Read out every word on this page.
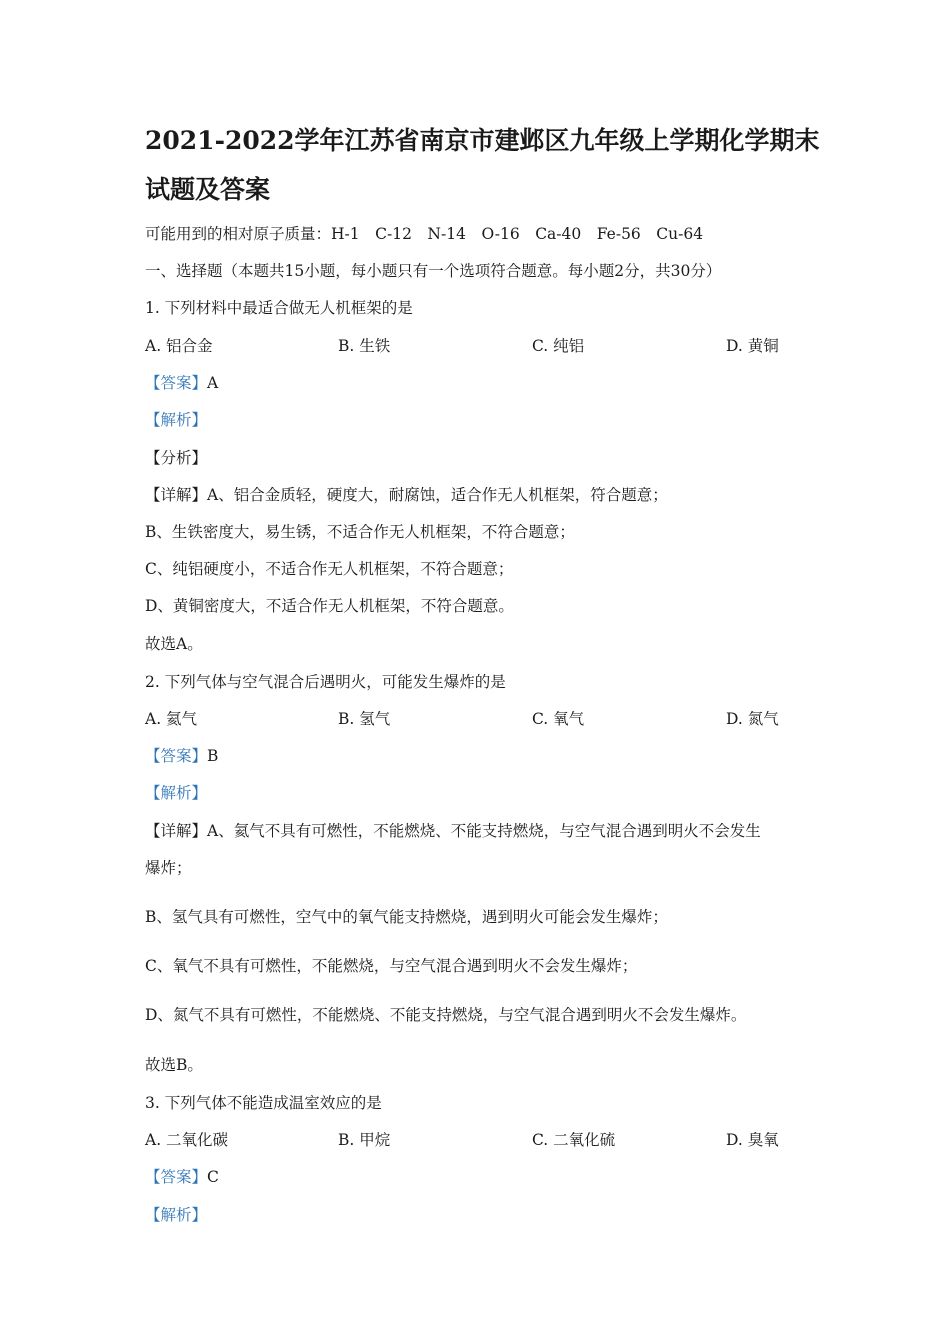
2021-2022学年江苏省南京市建邺区九年级上学期化学期末
试题及答案
可能用到的相对原子质量：H-1　C-12　N-14　O-16　Ca-40　Fe-56　Cu-64
一、选择题（本题共15小题，每小题只有一个选项符合题意。每小题2分，共30分）
1. 下列材料中最适合做无人机框架的是
A. 铝合金	B. 生铁	C. 纯铝	D. 黄铜
【答案】A
【解析】
【分析】
【详解】A、铝合金质轻，硬度大，耐腐蚀，适合作无人机框架，符合题意；
B、生铁密度大，易生锈，不适合作无人机框架，不符合题意；
C、纯铝硬度小，不适合作无人机框架，不符合题意；
D、黄铜密度大，不适合作无人机框架，不符合题意。
故选A。
2. 下列气体与空气混合后遇明火，可能发生爆炸的是
A. 氦气	B. 氢气	C. 氧气	D. 氮气
【答案】B
【解析】
【详解】A、氦气不具有可燃性，不能燃烧、不能支持燃烧，与空气混合遇到明火不会发生
爆炸；
B、氢气具有可燃性，空气中的氧气能支持燃烧，遇到明火可能会发生爆炸；
C、氧气不具有可燃性，不能燃烧，与空气混合遇到明火不会发生爆炸；
D、氮气不具有可燃性，不能燃烧、不能支持燃烧，与空气混合遇到明火不会发生爆炸。
故选B。
3. 下列气体不能造成温室效应的是
A. 二氧化碳	B. 甲烷	C. 二氧化硫	D. 臭氧
【答案】C
【解析】
